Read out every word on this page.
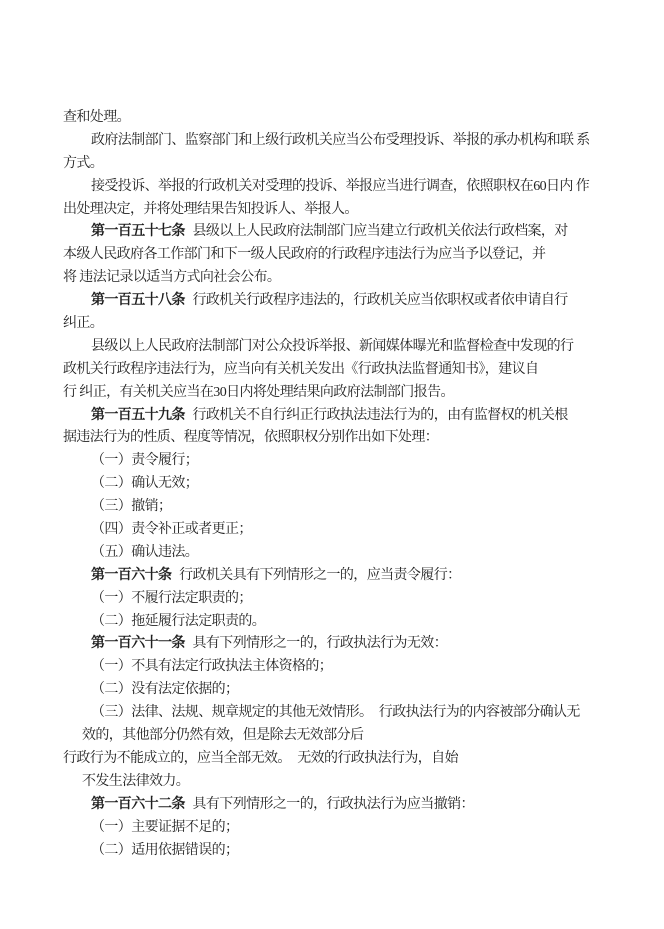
查和处理。
政府法制部门、监察部门和上级行政机关应当公布受理投诉、举报的承办机构和联 系
方式。
接受投诉、举报的行政机关对受理的投诉、举报应当进行调查，依照职权在60日内 作
出处理决定，并将处理结果告知投诉人、举报人。
第一百五十七条 县级以上人民政府法制部门应当建立行政机关依法行政档案，对
本级人民政府各工作部门和下一级人民政府的行政程序违法行为应当予以登记，并
将 违法记录以适当方式向社会公布。
第一百五十八条 行政机关行政程序违法的，行政机关应当依职权或者依申请自行
纠正。
县级以上人民政府法制部门对公众投诉举报、新闻媒体曝光和监督检查中发现的行
政机关行政程序违法行为，应当向有关机关发出《行政执法监督通知书》，建议自
行 纠正，有关机关应当在30日内将处理结果向政府法制部门报告。
第一百五十九条 行政机关不自行纠正行政执法违法行为的，由有监督权的机关根
据违法行为的性质、程度等情况，依照职权分别作出如下处理：
（一）责令履行；
（二）确认无效；
（三）撤销；
（四）责令补正或者更正；
（五）确认违法。
第一百六十条 行政机关具有下列情形之一的，应当责令履行：
（一）不履行法定职责的；
（二）拖延履行法定职责的。
第一百六十一条 具有下列情形之一的，行政执法行为无效：
（一）不具有法定行政执法主体资格的；
（二）没有法定依据的；
（三）法律、法规、规章规定的其他无效情形。　行政执法行为的内容被部分确认无
效的，其他部分仍然有效，但是除去无效部分后
行政行为不能成立的，应当全部无效。　无效的行政执法行为，自始
不发生法律效力。
第一百六十二条 具有下列情形之一的，行政执法行为应当撤销：
（一）主要证据不足的；
（二）适用依据错误的；
